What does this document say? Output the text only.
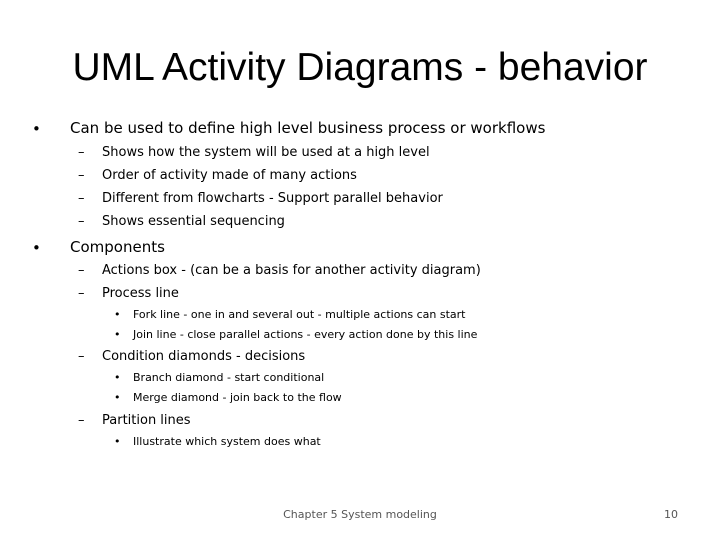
UML Activity Diagrams - behavior
• Can be used to define high level business process or workflows
– Shows how the system will be used at a high level
– Order of activity made of many actions
– Different from flowcharts - Support parallel behavior
– Shows essential sequencing
• Components
– Actions box - (can be a basis for another activity diagram)
– Process line
• Fork line - one in and several out - multiple actions can start
• Join line - close parallel actions - every action done by this line
– Condition diamonds - decisions
• Branch diamond - start conditional
• Merge diamond - join back to the flow
– Partition lines
• Illustrate which system does what
Chapter 5 System modeling	10
